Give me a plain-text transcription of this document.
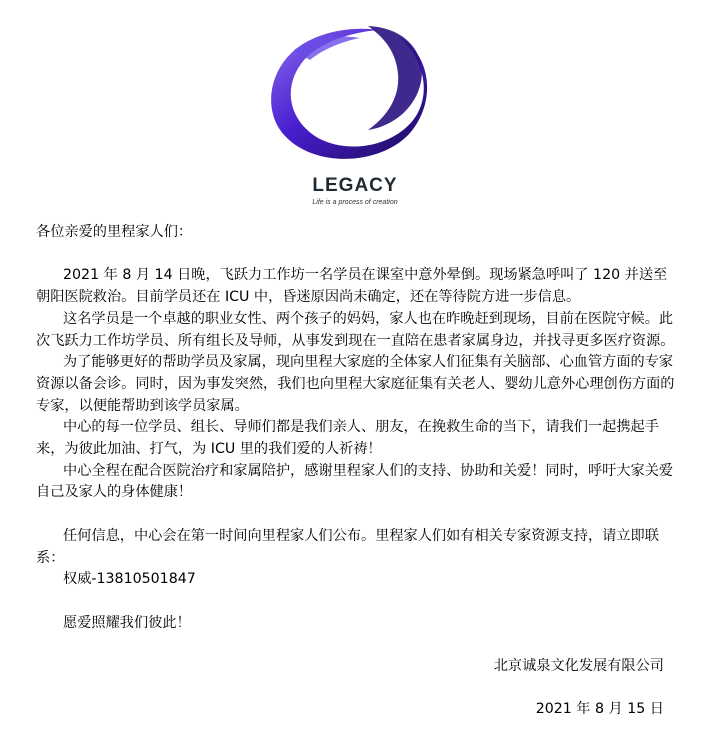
LEGACY
Life is a process of creation

各位亲爱的里程家人们：

2021 年 8 月 14 日晚，飞跃力工作坊一名学员在课室中意外晕倒。现场紧急呼叫了 120 并送至朝阳医院救治。目前学员还在 ICU 中，昏迷原因尚未确定，还在等待院方进一步信息。

这名学员是一个卓越的职业女性、两个孩子的妈妈，家人也在昨晚赶到现场，目前在医院守候。此次飞跃力工作坊学员、所有组长及导师，从事发到现在一直陪在患者家属身边，并找寻更多医疗资源。

为了能够更好的帮助学员及家属，现向里程大家庭的全体家人们征集有关脑部、心血管方面的专家资源以备会诊。同时，因为事发突然，我们也向里程大家庭征集有关老人、婴幼儿意外心理创伤方面的专家，以便能帮助到该学员家属。

中心的每一位学员、组长、导师们都是我们亲人、朋友，在挽救生命的当下，请我们一起携起手来，为彼此加油、打气，为 ICU 里的我们爱的人祈祷！

中心全程在配合医院治疗和家属陪护，感谢里程家人们的支持、协助和关爱！同时，呼吁大家关爱自己及家人的身体健康！

任何信息，中心会在第一时间向里程家人们公布。里程家人们如有相关专家资源支持，请立即联系：

权威-13810501847

愿爱照耀我们彼此！

北京诚泉文化发展有限公司

2021 年 8 月 15 日
